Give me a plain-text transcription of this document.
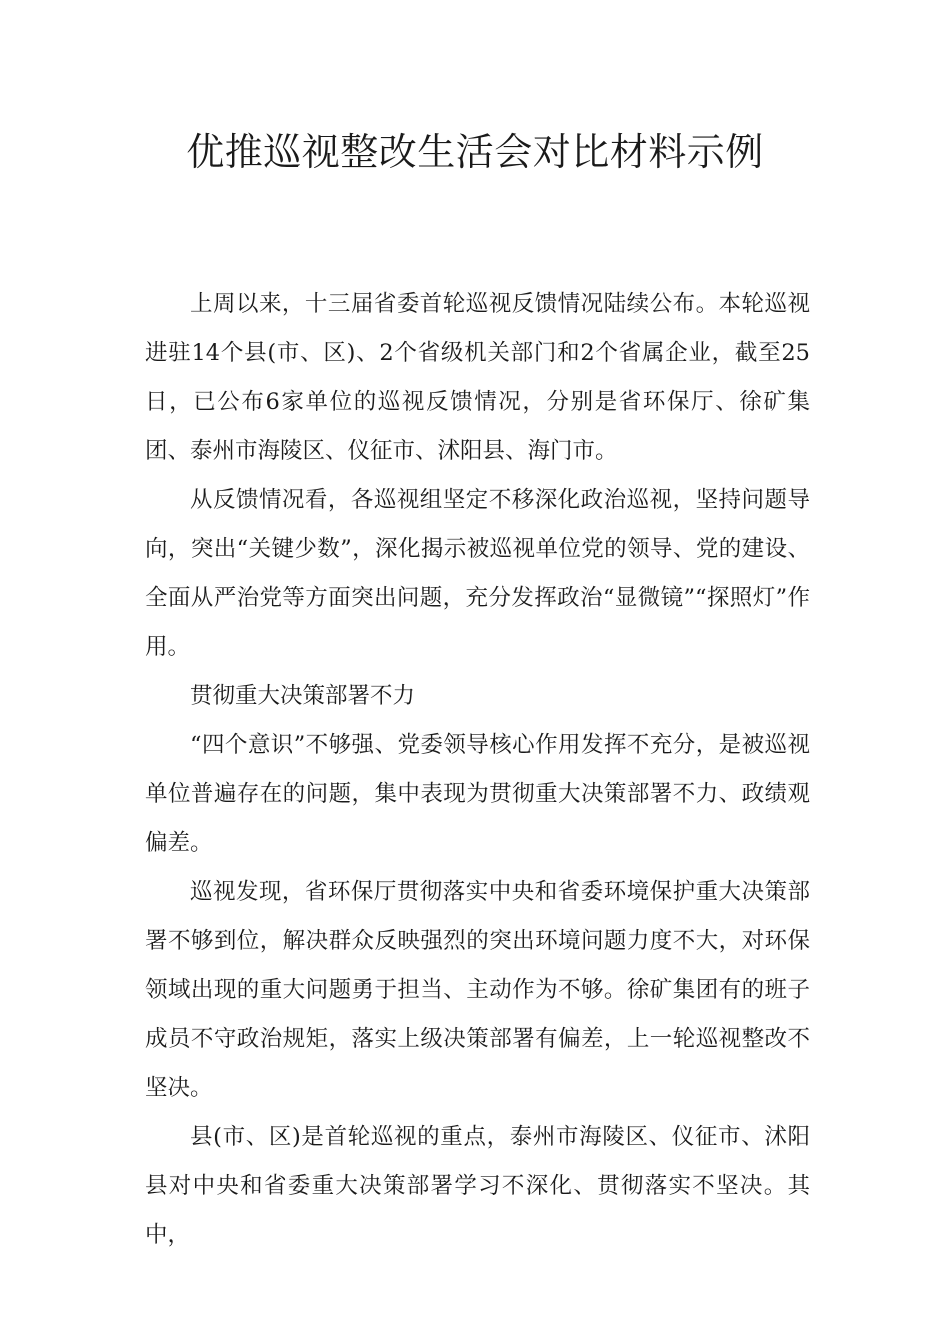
优推巡视整改生活会对比材料示例

上周以来，十三届省委首轮巡视反馈情况陆续公布。本轮巡视进驻14个县(市、区)、2个省级机关部门和2个省属企业，截至25日，已公布6家单位的巡视反馈情况，分别是省环保厅、徐矿集团、泰州市海陵区、仪征市、沭阳县、海门市。

从反馈情况看，各巡视组坚定不移深化政治巡视，坚持问题导向，突出“关键少数”，深化揭示被巡视单位党的领导、党的建设、全面从严治党等方面突出问题，充分发挥政治“显微镜”“探照灯”作用。

贯彻重大决策部署不力

“四个意识”不够强、党委领导核心作用发挥不充分，是被巡视单位普遍存在的问题，集中表现为贯彻重大决策部署不力、政绩观偏差。

巡视发现，省环保厅贯彻落实中央和省委环境保护重大决策部署不够到位，解决群众反映强烈的突出环境问题力度不大，对环保领域出现的重大问题勇于担当、主动作为不够。徐矿集团有的班子成员不守政治规矩，落实上级决策部署有偏差，上一轮巡视整改不坚决。

县(市、区)是首轮巡视的重点，泰州市海陵区、仪征市、沭阳县对中央和省委重大决策部署学习不深化、贯彻落实不坚决。其中，
